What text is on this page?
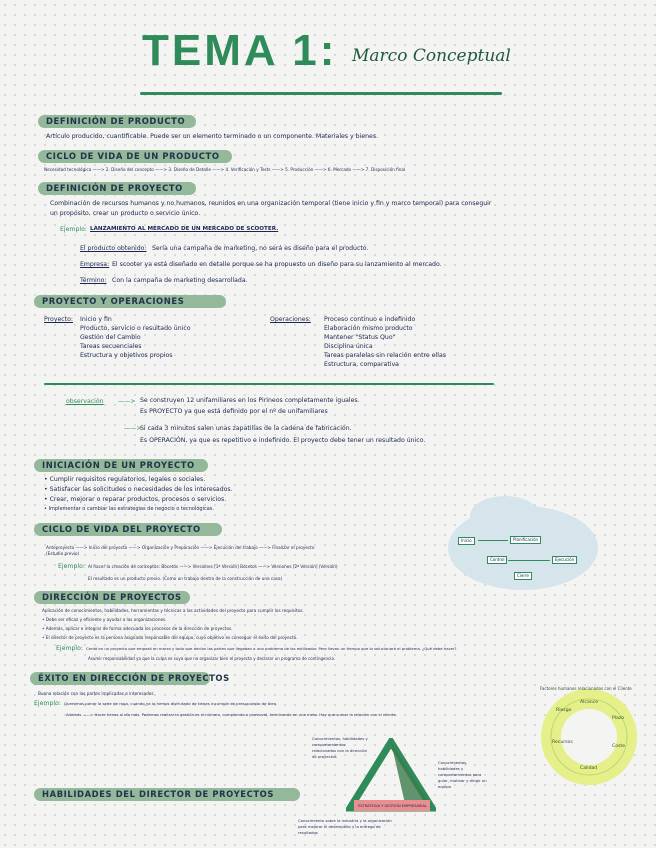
TEMA 1: Marco Conceptual
DEFINICIÓN DE PRODUCTO
Artículo producido, cuantificable. Puede ser un elemento terminado o un componente. Materiales y bienes.
CICLO DE VIDA DE UN PRODUCTO
Necesidad tecnológica ——> 2. Diseño del concepto ——> 3. Diseño de Detalle ——> 4. Verificación y Tests ——> 5. Producción ——> 6. Mercado ——> 7. Disposición final
DEFINICIÓN DE PROYECTO
Combinación de recursos humanos y no humanos, reunidos en una organización temporal (tiene inicio y fin y marco temporal) para conseguir
un propósito, crear un producto o servicio único.
Ejemplo: LANZAMIENTO AL MERCADO DE UN MERCADO DE SCOOTER.
El producto obtenido: Sería una campaña de marketing, no será es diseño para el producto.
Empresa: El scooter ya está diseñado en detalle porque se ha propuesto un diseño para su lanzamiento al mercado.
Término: Con la campaña de marketing desarrollada.
PROYECTO Y OPERACIONES
Proyecto: Inicio y fin
Producto, servicio o resultado único
Gestión del Cambio
Tareas secuenciales
Estructura y objetivos propios
Operaciones: Proceso continuo e indefinido
Elaboración mismo producto
Mantener "Status Quo"
Disciplina única
Tareas paralelas sin relación entre ellas
Estructura, comparativa
observación ——> Se construyen 12 unifamiliares en los Pirineos completamente iguales.
Es PROYECTO ya que está definido por el nº de unifamiliares
——>
Si cada 3 minutos salen unas zapatillas de la cadena de fabricación.
Es OPERACIÓN, ya que es repetitivo e indefinido. El proyecto debe tener un resultado único.
INICIACIÓN DE UN PROYECTO
• Cumplir requisitos regulatorios, legales o sociales.
• Satisfacer las solicitudes o necesidades de los interesados.
• Crear, mejorar o reparar productos, procesos o servicios.
• Implementar o cambiar las estrategias de negocio o tecnológicas.
Inicio	Planificación
Control	Ejecución
Cierre
CICLO DE VIDA DEL PROYECTO
Anteproyecto ——> Inicio del proyecto ——> Organización y Preparación ——> Ejecución del trabajo ——> Finalizar el proyecto
(Estudio previo)
Ejemplo: Al hacer la creación de conceptos: Bocetos ——> Versiones [1ª Versión] Bocetos ——> Versiones [2ª Versión] (Versión)
El resultado es un producto previo. (Como un trabajo dentro de la construcción de una casa)
DIRECCIÓN DE PROYECTOS
Aplicación de conocimientos, habilidades, herramientas y técnicas a las actividades del proyecto para cumplir los requisitos.
• Debe ser eficaz y eficiente y ayudar a las organizaciones.
• Además, aplicar e integrar de forma adecuada los procesos de la dirección de proyectos.
• El director de proyecto es la persona asignada responsable del equipo, cuyo objetivo es conseguir el éxito del proyecto.
Ejemplo: Cerdá en un proyecto que empezó en marzo y todo que decían las partes que llegaban a uno problema de las estilizador. Pero llevan un tiempo que lo solucionará el problema. ¿Qué debe hacer?
Asumir responsabilidad ya que la culpa es suya que no organizar bien el proyecto y declarar un programa de contingencia.
ÉXITO EN DIRECCIÓN DE PROYECTOS
Buena relación con las partes implicadas e interesados
Ejemplo: Queremos poner la sede de ropa, cuando ya lo hemos disfrutado de tienes incumple de presupuesto de bien.
Además ——> Hacer tienes al día más. Podemos realizar la gestión es el número, cumpliendo o promovió, terminando en una meta. Hay que sumar la relación con el cliente.
Factores humanos relacionados con el Cliente
Alcance
Plazo
Coste
Riesgo
Calidad
Recursos
HABILIDADES DEL DIRECTOR DE PROYECTOS
ESTRATEGIA Y GESTIÓN EMPRESARIAL
Conocimientos, habilidades y comportamientos relacionados con la dirección de proyectos
Conocimientos, habilidades y comportamientos para guiar, motivar y dirigir un equipo
Conocimiento sobre la industria y la organización para mejorar el desempeño y la entrega de resultados
